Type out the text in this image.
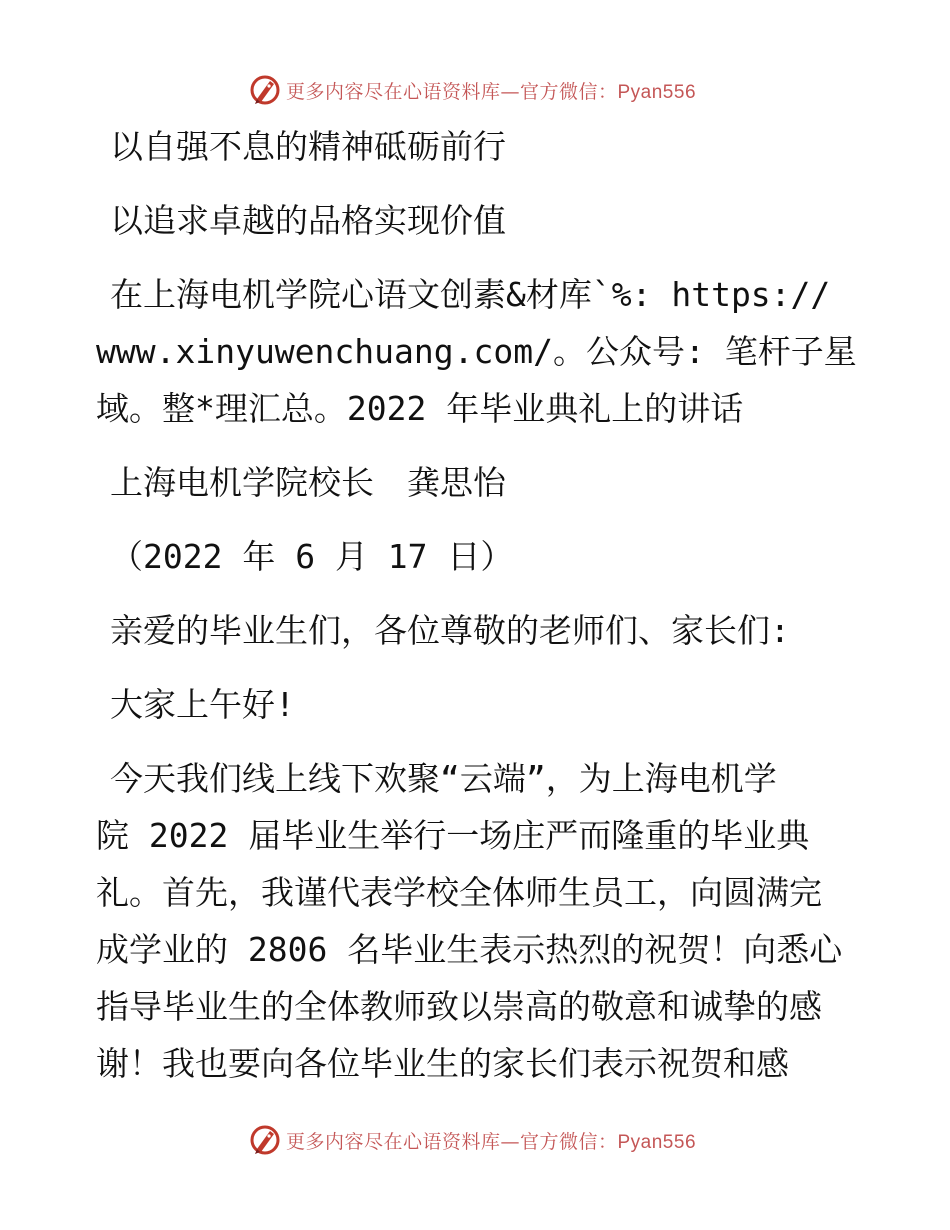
更多内容尽在心语资料库—官方微信：Pyan556
以自强不息的精神砥砺前行
以追求卓越的品格实现价值
在上海电机学院心语文创素&材库`%: https://
www.xinyuwenchuang.com/。公众号: 笔杆子星
域。整*理汇总。2022 年毕业典礼上的讲话
上海电机学院校长　龚思怡
（2022 年 6 月 17 日）
亲爱的毕业生们，各位尊敬的老师们、家长们:
大家上午好!
今天我们线上线下欢聚“云端”，为上海电机学
院 2022 届毕业生举行一场庄严而隆重的毕业典
礼。首先，我谨代表学校全体师生员工，向圆满完
成学业的 2806 名毕业生表示热烈的祝贺！向悉心
指导毕业生的全体教师致以崇高的敬意和诚挚的感
谢！我也要向各位毕业生的家长们表示祝贺和感
更多内容尽在心语资料库—官方微信：Pyan556
